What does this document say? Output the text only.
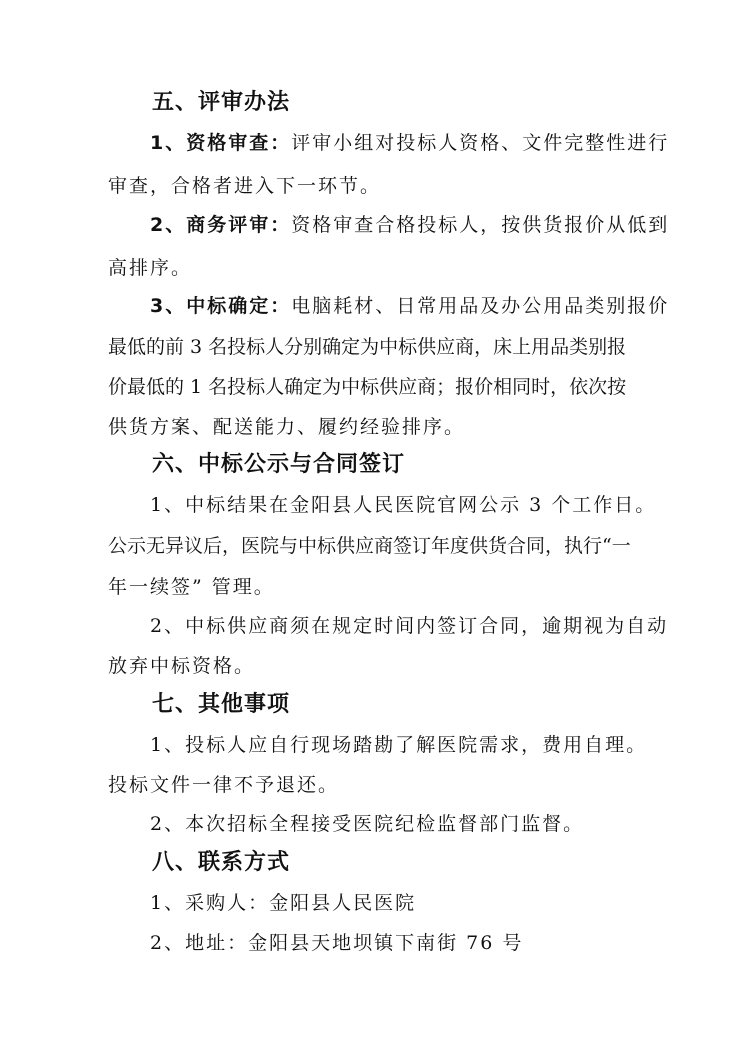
五、评审办法
1、资格审查：评审小组对投标人资格、文件完整性进行
审查，合格者进入下一环节。
2、商务评审：资格审查合格投标人，按供货报价从低到
高排序。
3、中标确定：电脑耗材、日常用品及办公用品类别报价
最低的前 3 名投标人分别确定为中标供应商，床上用品类别报
价最低的 1 名投标人确定为中标供应商；报价相同时，依次按
供货方案、配送能力、履约经验排序。
六、中标公示与合同签订
1、中标结果在金阳县人民医院官网公示 3 个工作日。
公示无异议后，医院与中标供应商签订年度供货合同，执行“一
年一续签” 管理。
2、中标供应商须在规定时间内签订合同，逾期视为自动
放弃中标资格。
七、其他事项
1、投标人应自行现场踏勘了解医院需求，费用自理。
投标文件一律不予退还。
2、本次招标全程接受医院纪检监督部门监督。
八、联系方式
1、采购人：金阳县人民医院
2、地址：金阳县天地坝镇下南街 76 号
